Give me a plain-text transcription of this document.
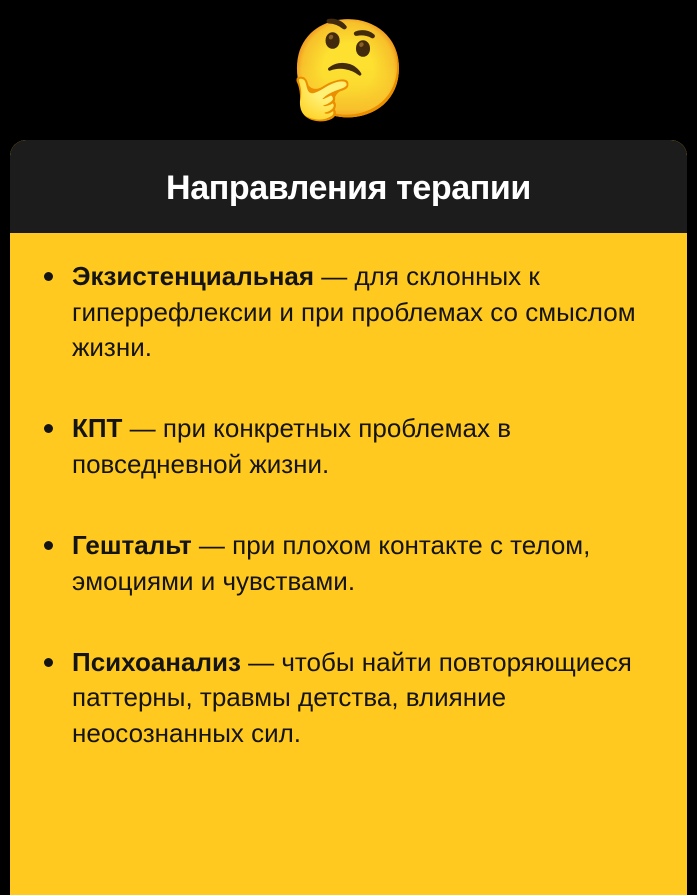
🤔
Направления терапии
Экзистенциальная — для склонных к гиперрефлексии и при проблемах со смыслом жизни.
КПТ — при конкретных проблемах в повседневной жизни.
Гештальт — при плохом контакте с телом, эмоциями и чувствами.
Психоанализ — чтобы найти повторяющиеся паттерны, травмы детства, влияние неосознанных сил.
